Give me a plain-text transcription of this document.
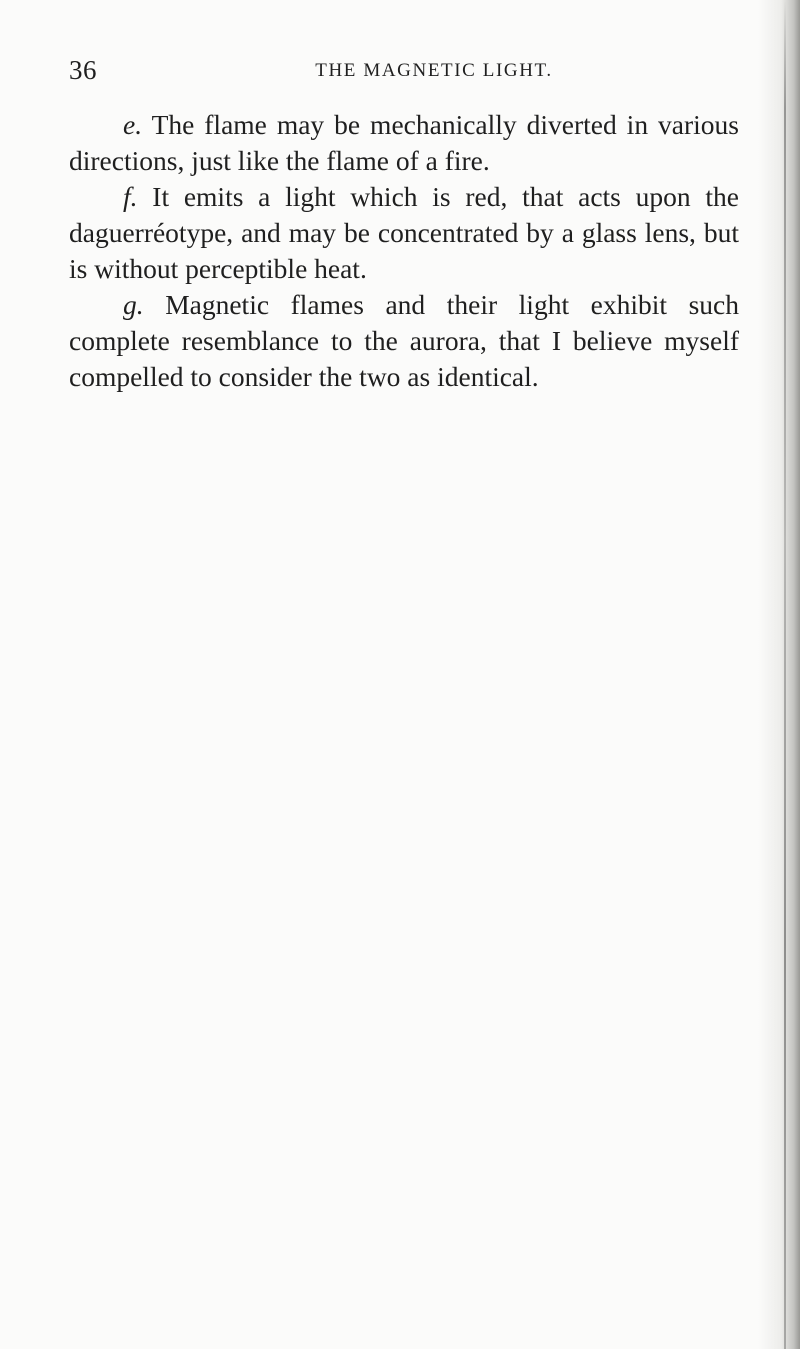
36	THE MAGNETIC LIGHT.

e. The flame may be mechanically diverted in various directions, just like the flame of a fire.

f. It emits a light which is red, that acts upon the daguerréotype, and may be concentrated by a glass lens, but is without perceptible heat.

g. Magnetic flames and their light exhibit such complete resemblance to the aurora, that I believe myself compelled to consider the two as identical.
